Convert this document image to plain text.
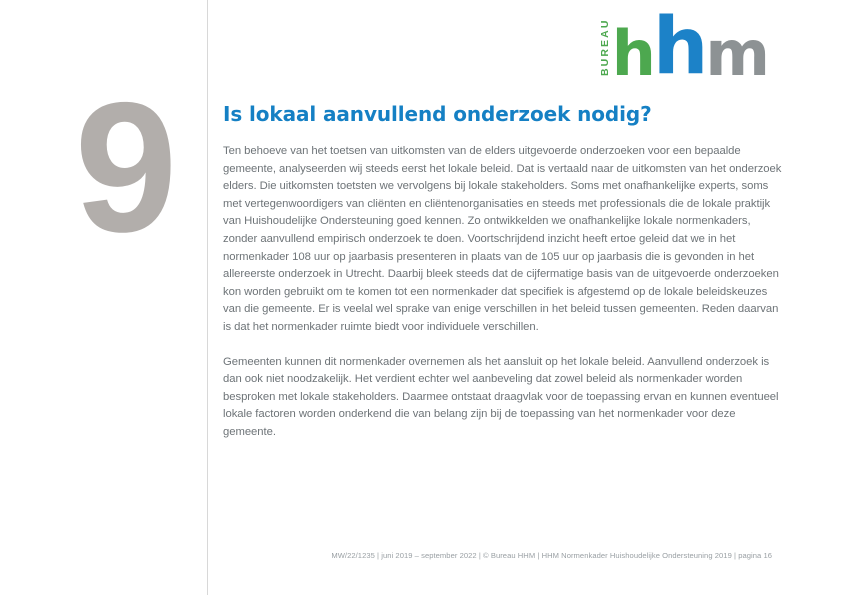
9
BUREAU h
h
m
Is lokaal aanvullend onderzoek nodig?

Ten behoeve van het toetsen van uitkomsten van de elders uitgevoerde onderzoeken voor een bepaalde gemeente, analyseerden wij steeds eerst het lokale beleid. Dat is vertaald naar de uitkomsten van het onderzoek elders. Die uitkomsten toetsten we vervolgens bij lokale stakeholders. Soms met onafhankelijke experts, soms met vertegenwoordigers van cliënten en cliëntenorganisaties en steeds met professionals die de lokale praktijk van Huishoudelijke Ondersteuning goed kennen. Zo ontwikkelden we onafhankelijke lokale normenkaders, zonder aanvullend empirisch onderzoek te doen. Voortschrijdend inzicht heeft ertoe geleid dat we in het normenkader 108 uur op jaarbasis presenteren in plaats van de 105 uur op jaarbasis die is gevonden in het allereerste onderzoek in Utrecht. Daarbij bleek steeds dat de cijfermatige basis van de uitgevoerde onderzoeken kon worden gebruikt om te komen tot een normenkader dat specifiek is afgestemd op de lokale beleidskeuzes van die gemeente. Er is veelal wel sprake van enige verschillen in het beleid tussen gemeenten. Reden daarvan is dat het normenkader ruimte biedt voor individuele verschillen.

Gemeenten kunnen dit normenkader overnemen als het aansluit op het lokale beleid. Aanvullend onderzoek is dan ook niet noodzakelijk. Het verdient echter wel aanbeveling dat zowel beleid als normenkader worden besproken met lokale stakeholders. Daarmee ontstaat draagvlak voor de toepassing ervan en kunnen eventueel lokale factoren worden onderkend die van belang zijn bij de toepassing van het normenkader voor deze gemeente.

MW/22/1235 | juni 2019 – september 2022 | © Bureau HHM | HHM Normenkader Huishoudelijke Ondersteuning 2019 | pagina 16
